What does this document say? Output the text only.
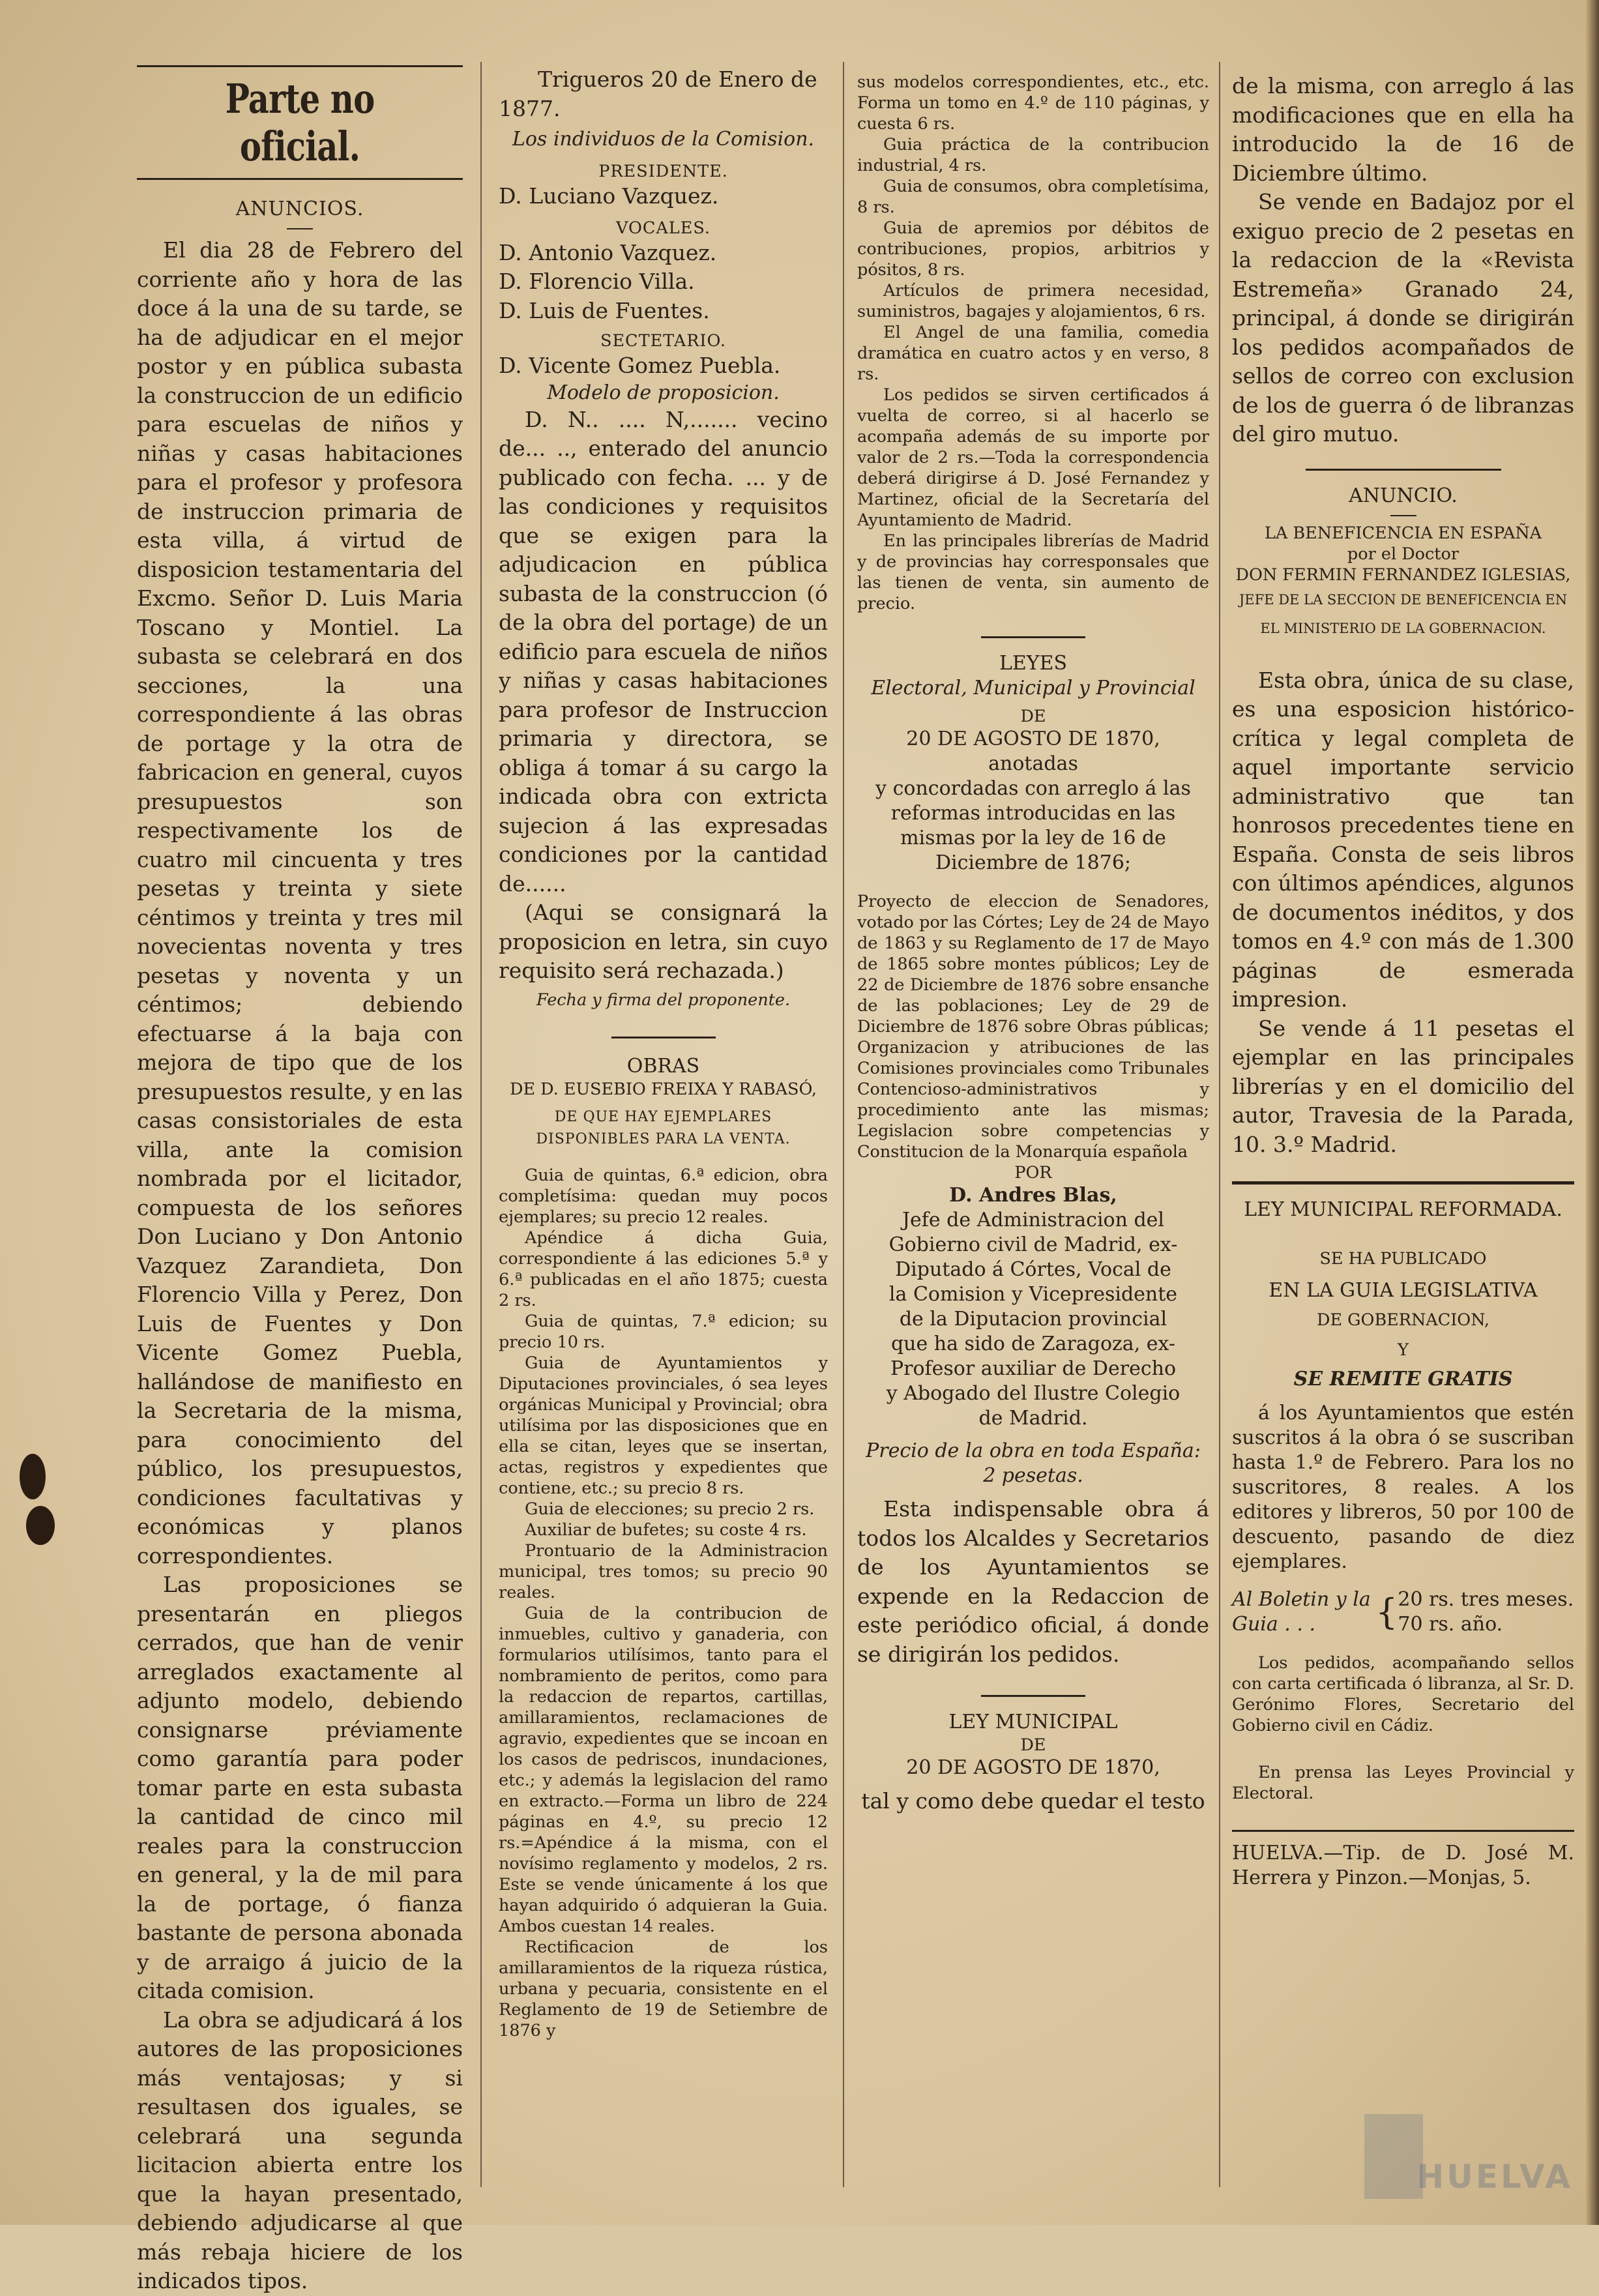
Parte no oficial.

ANUNCIOS.

El dia 28 de Febrero del corriente año y hora de las doce á la una de su tarde, se ha de adjudicar en el mejor postor y en pública subasta la construccion de un edificio para escuelas de niños y niñas y casas habitaciones para el profesor y profesora de instruccion primaria de esta villa, á virtud de disposicion testamentaria del Excmo. Señor D. Luis Maria Toscano y Montiel. La subasta se celebrará en dos secciones, la una correspondiente á las obras de portage y la otra de fabricacion en general, cuyos presupuestos son respectivamente los de cuatro mil cincuenta y tres pesetas y treinta y siete céntimos y treinta y tres mil novecientas noventa y tres pesetas y noventa y un céntimos; debiendo efectuarse á la baja con mejora de tipo que de los presupuestos resulte, y en las casas consistoriales de esta villa, ante la comision nombrada por el licitador, compuesta de los señores Don Luciano y Don Antonio Vazquez Zarandieta, Don Florencio Villa y Perez, Don Luis de Fuentes y Don Vicente Gomez Puebla, hallándose de manifiesto en la Secretaria de la misma, para conocimiento del público, los presupuestos, condiciones facultativas y económicas y planos correspondientes.

Las proposiciones se presentarán en pliegos cerrados, que han de venir arreglados exactamente al adjunto modelo, debiendo consignarse préviamente como garantía para poder tomar parte en esta subasta la cantidad de cinco mil reales para la construccion en general, y la de mil para la de portage, ó fianza bastante de persona abonada y de arraigo á juicio de la citada comision.

La obra se adjudicará á los autores de las proposiciones más ventajosas; y si resultasen dos iguales, se celebrará una segunda licitacion abierta entre los que la hayan presentado, debiendo adjudicarse al que más rebaja hiciere de los indicados tipos.

Trigueros 20 de Enero de 1877.

Los individuos de la Comision.

PRESIDENTE.

D. Luciano Vazquez.

VOCALES.

D. Antonio Vazquez.

D. Florencio Villa.

D. Luis de Fuentes.

SECTETARIO.

D. Vicente Gomez Puebla.

Modelo de proposicion.

D. N.. .... N,....... vecino de... .., enterado del anuncio publicado con fecha. ... y de las condiciones y requisitos que se exigen para la adjudicacion en pública subasta de la construccion (ó de la obra del portage) de un edificio para escuela de niños y niñas y casas habitaciones para profesor de Instruccion primaria y directora, se obliga á tomar á su cargo la indicada obra con extricta sujecion á las expresadas condiciones por la cantidad de......

(Aqui se consignará la proposicion en letra, sin cuyo requisito será rechazada.)

Fecha y firma del proponente.

OBRAS

DE D. EUSEBIO FREIXA Y RABASÓ,

DE QUE HAY EJEMPLARES DISPONIBLES PARA LA VENTA.

Guia de quintas, 6.ª edicion, obra completísima: quedan muy pocos ejemplares; su precio 12 reales.

Apéndice á dicha Guia, correspondiente á las ediciones 5.ª y 6.ª publicadas en el año 1875; cuesta 2 rs.

Guia de quintas, 7.ª edicion; su precio 10 rs.

Guia de Ayuntamientos y Diputaciones provinciales, ó sea leyes orgánicas Municipal y Provincial; obra utilísima por las disposiciones que en ella se citan, leyes que se insertan, actas, registros y expedientes que contiene, etc.; su precio 8 rs.

Guia de elecciones; su precio 2 rs.

Auxiliar de bufetes; su coste 4 rs.

Prontuario de la Administracion municipal, tres tomos; su precio 90 reales.

Guia de la contribucion de inmuebles, cultivo y ganaderia, con formularios utilísimos, tanto para el nombramiento de peritos, como para la redaccion de repartos, cartillas, amillaramientos, reclamaciones de agravio, expedientes que se incoan en los casos de pedriscos, inundaciones, etc.; y además la legislacion del ramo en extracto.—Forma un libro de 224 páginas en 4.º, su precio 12 rs.=Apéndice á la misma, con el novísimo reglamento y modelos, 2 rs. Este se vende únicamente á los que hayan adquirido ó adquieran la Guia. Ambos cuestan 14 reales.

Rectificacion de los amillaramientos de la riqueza rústica, urbana y pecuaria, consistente en el Reglamento de 19 de Setiembre de 1876 y

sus modelos correspondientes, etc., etc. Forma un tomo en 4.º de 110 páginas, y cuesta 6 rs.

Guia práctica de la contribucion industrial, 4 rs.

Guia de consumos, obra completísima, 8 rs.

Guia de apremios por débitos de contribuciones, propios, arbitrios y pósitos, 8 rs.

Artículos de primera necesidad, suministros, bagajes y alojamientos, 6 rs.

El Angel de una familia, comedia dramática en cuatro actos y en verso, 8 rs.

Los pedidos se sirven certificados á vuelta de correo, si al hacerlo se acompaña además de su importe por valor de 2 rs.—Toda la correspondencia deberá dirigirse á D. José Fernandez y Martinez, oficial de la Secretaría del Ayuntamiento de Madrid.

En las principales librerías de Madrid y de provincias hay corresponsales que las tienen de venta, sin aumento de precio.

LEYES

Electoral, Municipal y Provincial

DE

20 DE AGOSTO DE 1870,

anotadas

y concordadas con arreglo á las reformas introducidas en las mismas por la ley de 16 de Diciembre de 1876;

Proyecto de eleccion de Senadores, votado por las Córtes; Ley de 24 de Mayo de 1863 y su Reglamento de 17 de Mayo de 1865 sobre montes públicos; Ley de 22 de Diciembre de 1876 sobre ensanche de las poblaciones; Ley de 29 de Diciembre de 1876 sobre Obras públicas; Organizacion y atribuciones de las Comisiones provinciales como Tribunales Contencioso-administrativos y procedimiento ante las mismas; Legislacion sobre competencias y Constitucion de la Monarquía española

POR

D. Andres Blas,

Jefe de Administracion del Gobierno civil de Madrid, ex-Diputado á Córtes, Vocal de la Comision y Vicepresidente de la Diputacion provincial que ha sido de Zaragoza, ex-Profesor auxiliar de Derecho y Abogado del Ilustre Colegio de Madrid.

Precio de la obra en toda España: 2 pesetas.

Esta indispensable obra á todos los Alcaldes y Secretarios de los Ayuntamientos se expende en la Redaccion de este periódico oficial, á donde se dirigirán los pedidos.

LEY MUNICIPAL

DE

20 DE AGOSTO DE 1870,

tal y como debe quedar el testo

de la misma, con arreglo á las modificaciones que en ella ha introducido la de 16 de Diciembre último.

Se vende en Badajoz por el exiguo precio de 2 pesetas en la redaccion de la «Revista Estremeña» Granado 24, principal, á donde se dirigirán los pedidos acompañados de sellos de correo con exclusion de los de guerra ó de libranzas del giro mutuo.

ANUNCIO.

LA BENEFICENCIA EN ESPAÑA

por el Doctor

DON FERMIN FERNANDEZ IGLESIAS,

JEFE DE LA SECCION DE BENEFICENCIA EN EL MINISTERIO DE LA GOBERNACION.

Esta obra, única de su clase, es una esposicion histórico-crítica y legal completa de aquel importante servicio administrativo que tan honrosos precedentes tiene en España. Consta de seis libros con últimos apéndices, algunos de documentos inéditos, y dos tomos en 4.º con más de 1.300 páginas de esmerada impresion.

Se vende á 11 pesetas el ejemplar en las principales librerías y en el domicilio del autor, Travesia de la Parada, 10. 3.º Madrid.

LEY MUNICIPAL REFORMADA.

SE HA PUBLICADO

EN LA GUIA LEGISLATIVA

DE GOBERNACION,

Y

SE REMITE GRATIS

á los Ayuntamientos que estén suscritos á la obra ó se suscriban hasta 1.º de Febrero. Para los no suscritores, 8 reales. A los editores y libreros, 50 por 100 de descuento, pasando de diez ejemplares.

Al Boletin y la Guia . . .	{ 20 rs. tres meses.
70 rs. año.

Los pedidos, acompañando sellos con carta certificada ó libranza, al Sr. D. Gerónimo Flores, Secretario del Gobierno civil en Cádiz.

En prensa las Leyes Provincial y Electoral.

HUELVA.—Tip. de D. José M. Herrera y Pinzon.—Monjas, 5.

HUELVA
